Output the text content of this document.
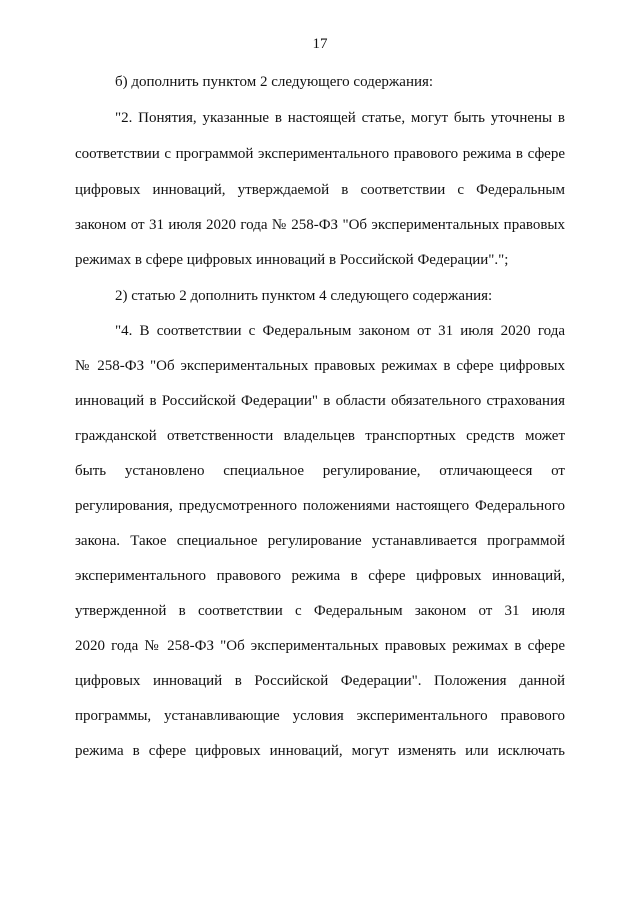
17
б) дополнить пунктом 2 следующего содержания:
"2. Понятия, указанные в настоящей статье, могут быть уточнены в
соответствии с программой экспериментального правового режима в сфере
цифровых инноваций, утверждаемой в соответствии с Федеральным
законом от 31 июля 2020 года № 258-ФЗ "Об экспериментальных правовых
режимах в сфере цифровых инноваций в Российской Федерации".";
2) статью 2 дополнить пунктом 4 следующего содержания:
"4. В соответствии с Федеральным законом от 31 июля 2020 года
№ 258-ФЗ "Об экспериментальных правовых режимах в сфере цифровых
инноваций в Российской Федерации" в области обязательного страхования
гражданской ответственности владельцев транспортных средств может
быть установлено специальное регулирование, отличающееся от
регулирования, предусмотренного положениями настоящего Федерального
закона. Такое специальное регулирование устанавливается программой
экспериментального правового режима в сфере цифровых инноваций,
утвержденной в соответствии с Федеральным законом от 31 июля
2020 года № 258-ФЗ "Об экспериментальных правовых режимах в сфере
цифровых инноваций в Российской Федерации". Положения данной
программы, устанавливающие условия экспериментального правового
режима в сфере цифровых инноваций, могут изменять или исключать
